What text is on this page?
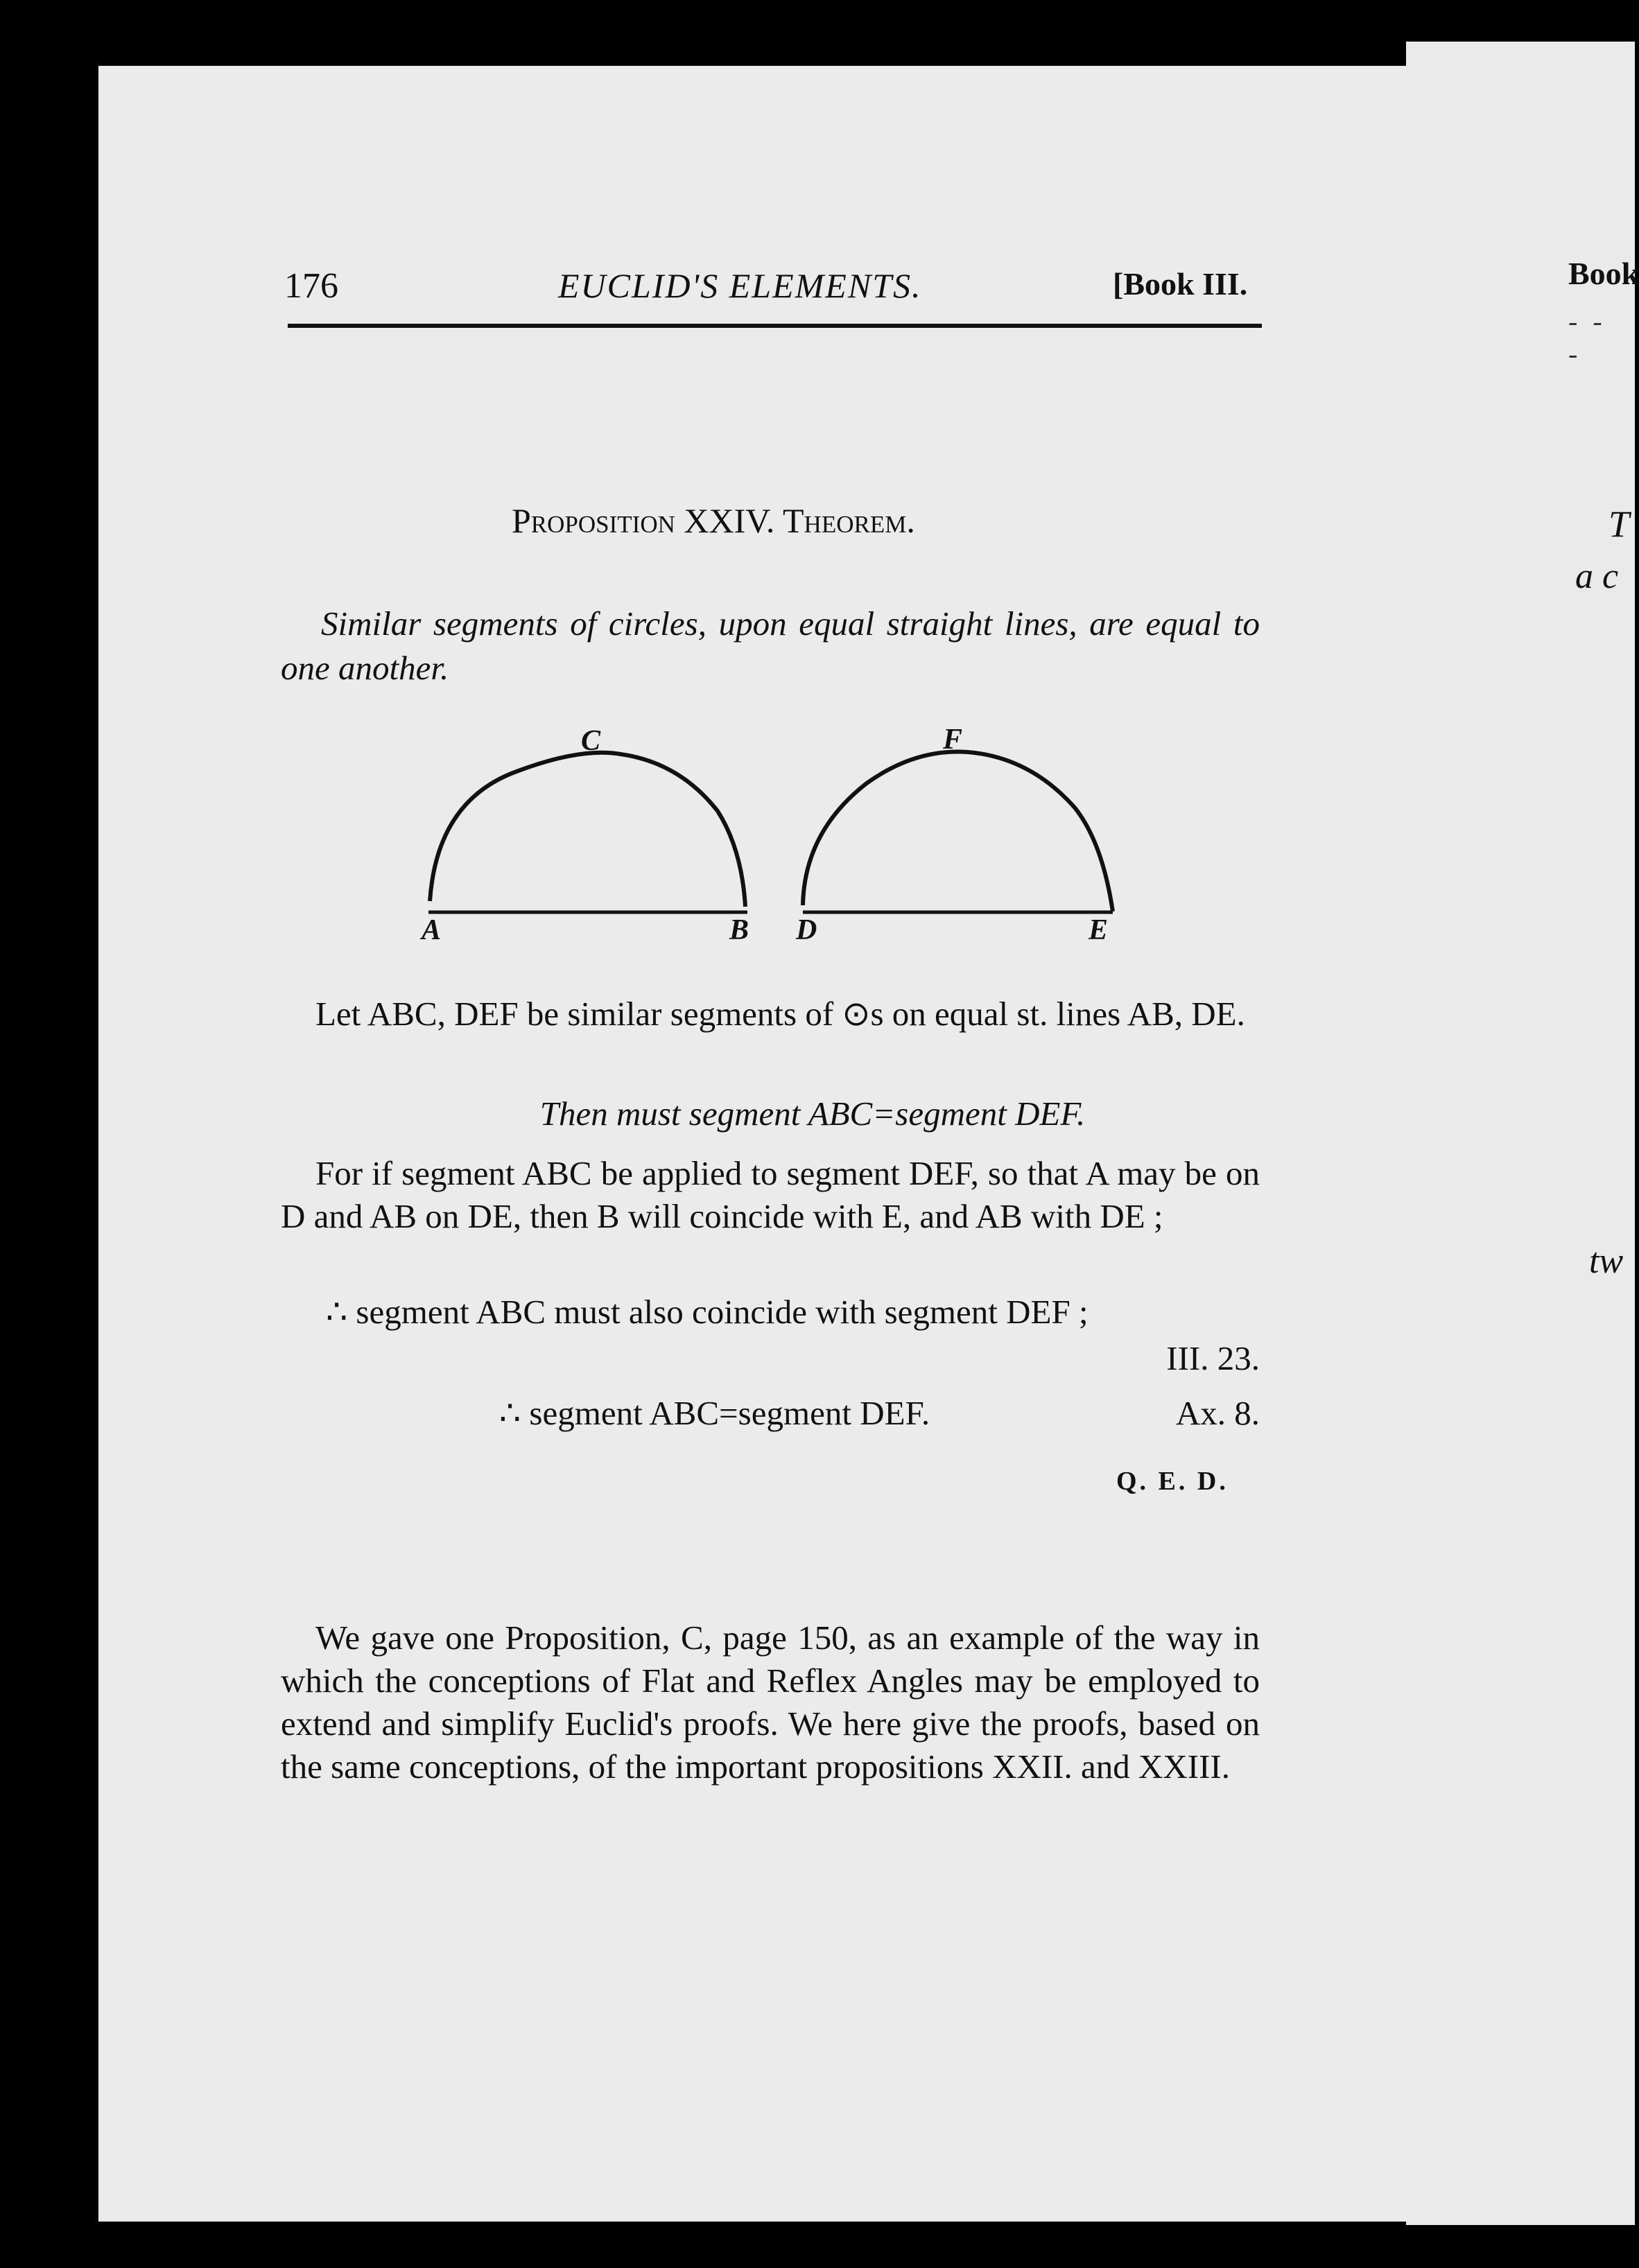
Book
- - -
T
a c
tw
176	EUCLID'S ELEMENTS.	[Book III.
Proposition XXIV. Theorem.
Similar segments of circles, upon equal straight lines, are equal to one another.
C
A	B
F
D	E
Let ABC, DEF be similar segments of ⊙s on equal st. lines AB, DE.
Then must segment ABC=segment DEF.
For if segment ABC be applied to segment DEF, so that A may be on D and AB on DE, then B will coincide with E, and AB with DE ;
∴ segment ABC must also coincide with segment DEF ;
III. 23.
∴ segment ABC=segment DEF.	Ax. 8.
Q. E. D.
We gave one Proposition, C, page 150, as an example of the way in which the conceptions of Flat and Reflex Angles may be employed to extend and simplify Euclid's proofs. We here give the proofs, based on the same conceptions, of the important propositions XXII. and XXIII.
